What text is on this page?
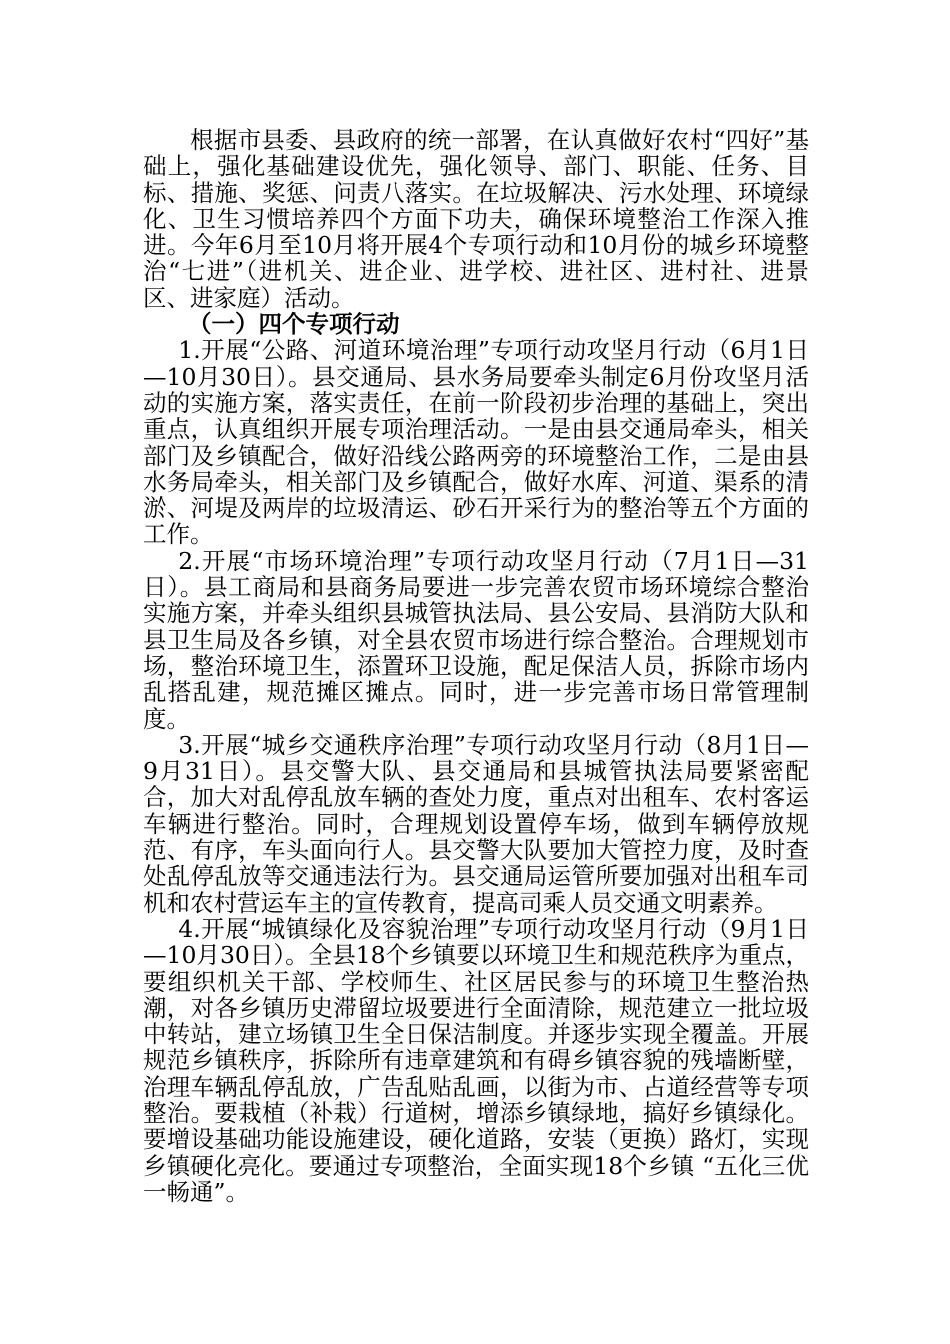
根据市县委、县政府的统一部署，在认真做好农村“四好”基础上，强化基础建设优先，强化领导、部门、职能、任务、目标、措施、奖惩、问责八落实。在垃圾解决、污水处理、环境绿化、卫生习惯培养四个方面下功夫，确保环境整治工作深入推进。今年6月至10月将开展4个专项行动和10月份的城乡环境整治“七进”（进机关、进企业、进学校、进社区、进村社、进景区、进家庭）活动。

（一）四个专项行动

1.开展“公路、河道环境治理”专项行动攻坚月行动（6月1日—10月30日）。县交通局、县水务局要牵头制定6月份攻坚月活动的实施方案，落实责任，在前一阶段初步治理的基础上，突出重点，认真组织开展专项治理活动。一是由县交通局牵头，相关部门及乡镇配合，做好沿线公路两旁的环境整治工作，二是由县水务局牵头，相关部门及乡镇配合，做好水库、河道、渠系的清淤、河堤及两岸的垃圾清运、砂石开采行为的整治等五个方面的工作。

2.开展“市场环境治理”专项行动攻坚月行动（7月1日—31日）。县工商局和县商务局要进一步完善农贸市场环境综合整治实施方案，并牵头组织县城管执法局、县公安局、县消防大队和县卫生局及各乡镇，对全县农贸市场进行综合整治。合理规划市场，整治环境卫生，添置环卫设施，配足保洁人员，拆除市场内乱搭乱建，规范摊区摊点。同时，进一步完善市场日常管理制度。

3.开展“城乡交通秩序治理”专项行动攻坚月行动（8月1日—9月31日）。县交警大队、县交通局和县城管执法局要紧密配合，加大对乱停乱放车辆的查处力度，重点对出租车、农村客运车辆进行整治。同时，合理规划设置停车场，做到车辆停放规范、有序，车头面向行人。县交警大队要加大管控力度，及时查处乱停乱放等交通违法行为。县交通局运管所要加强对出租车司机和农村营运车主的宣传教育，提高司乘人员交通文明素养。

4.开展“城镇绿化及容貌治理”专项行动攻坚月行动（9月1日—10月30日）。全县18个乡镇要以环境卫生和规范秩序为重点，要组织机关干部、学校师生、社区居民参与的环境卫生整治热潮，对各乡镇历史滞留垃圾要进行全面清除，规范建立一批垃圾中转站，建立场镇卫生全日保洁制度。并逐步实现全覆盖。开展规范乡镇秩序，拆除所有违章建筑和有碍乡镇容貌的残墙断壁，治理车辆乱停乱放，广告乱贴乱画，以街为市、占道经营等专项整治。要栽植（补栽）行道树，增添乡镇绿地，搞好乡镇绿化。要增设基础功能设施建设，硬化道路，安装（更换）路灯，实现乡镇硬化亮化。要通过专项整治，全面实现18个乡镇 “五化三优一畅通”。
